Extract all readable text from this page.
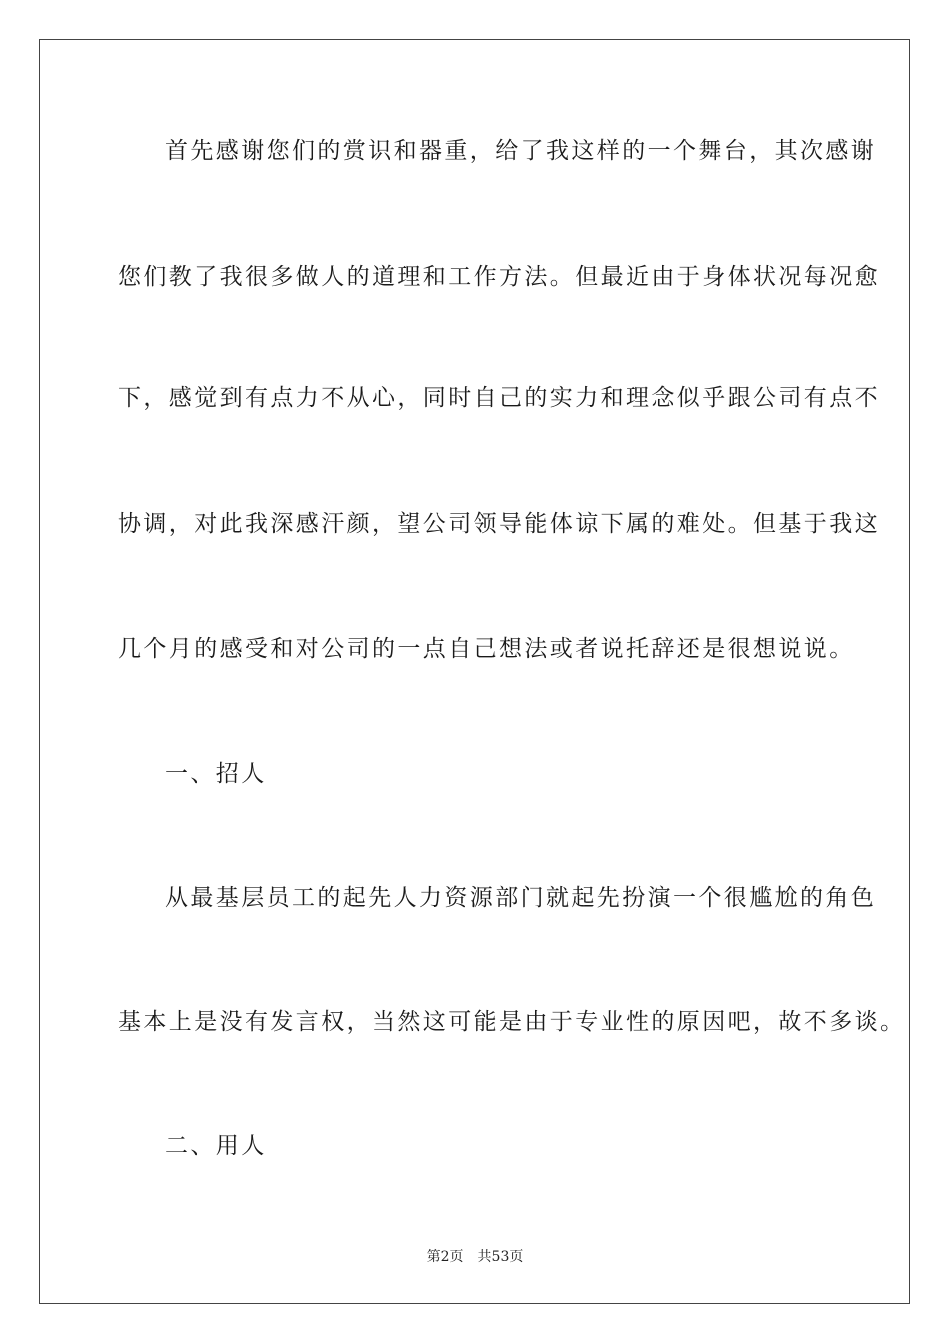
首先感谢您们的赏识和器重，给了我这样的一个舞台，其次感谢
您们教了我很多做人的道理和工作方法。但最近由于身体状况每况愈
下，感觉到有点力不从心，同时自己的实力和理念似乎跟公司有点不
协调，对此我深感汗颜，望公司领导能体谅下属的难处。但基于我这
几个月的感受和对公司的一点自己想法或者说托辞还是很想说说。
一、招人
从最基层员工的起先人力资源部门就起先扮演一个很尴尬的角色
基本上是没有发言权，当然这可能是由于专业性的原因吧，故不多谈。
二、用人
第2页　共53页
